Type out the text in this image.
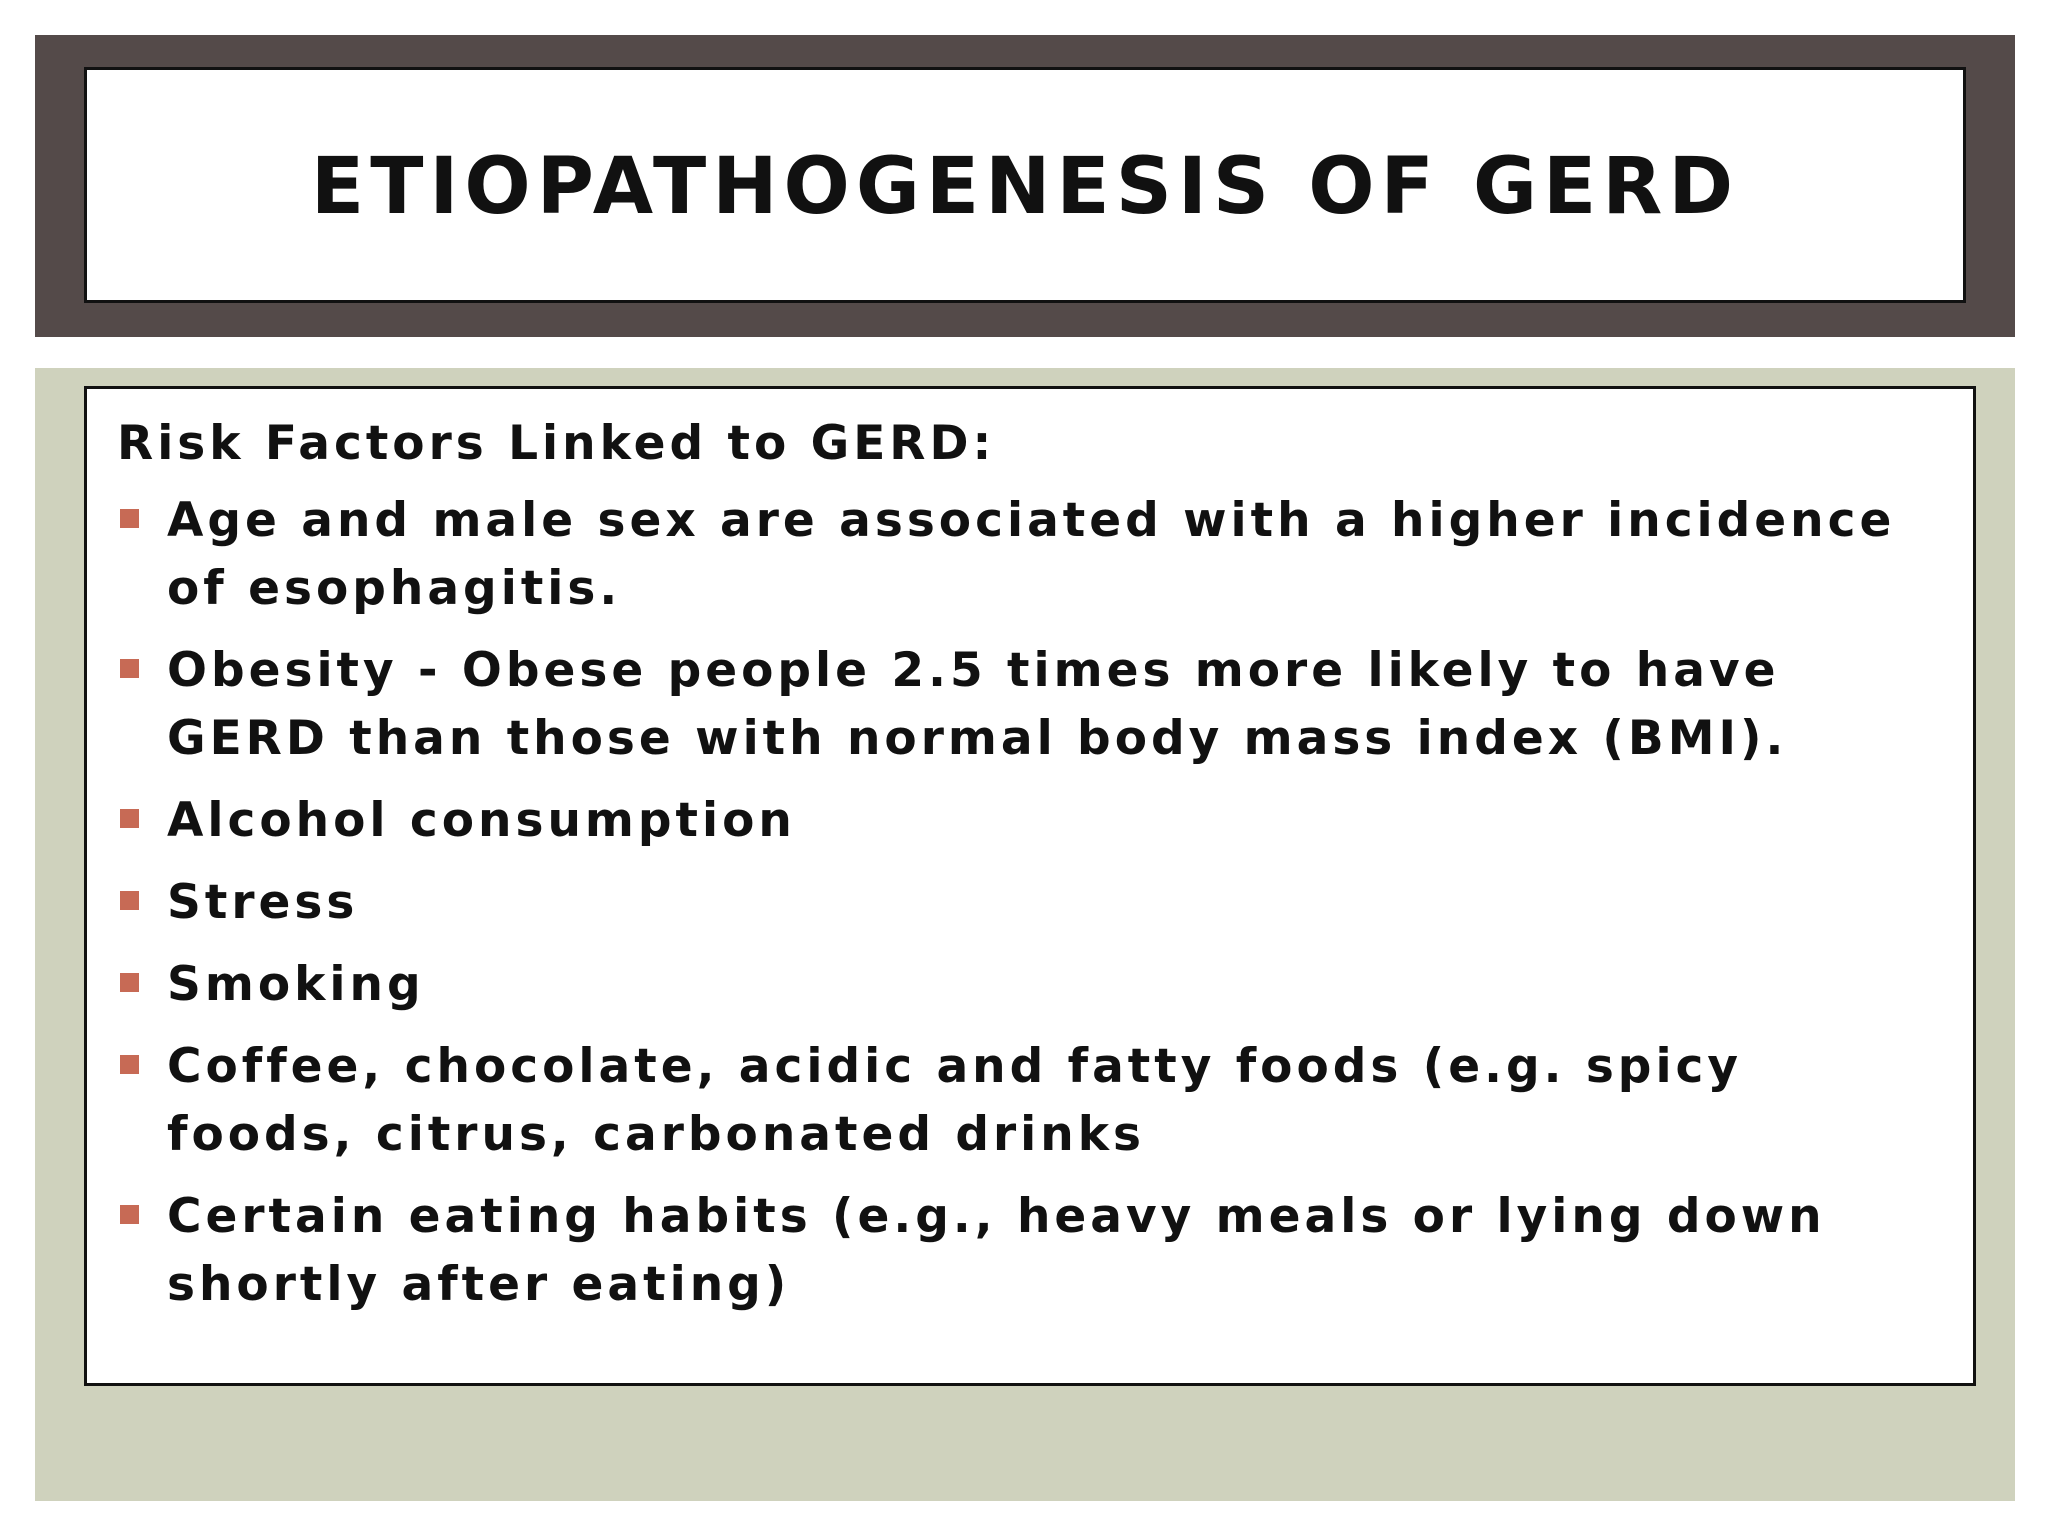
ETIOPATHOGENESIS OF GERD
Risk Factors Linked to GERD:
Age and male sex are associated with a higher incidence of esophagitis.
Obesity - Obese people 2.5 times more likely to have GERD than those with normal body mass index (BMI).
Alcohol consumption
Stress
Smoking
Coffee, chocolate, acidic and fatty foods (e.g. spicy foods, citrus, carbonated drinks
Certain eating habits (e.g., heavy meals or lying down shortly after eating)
